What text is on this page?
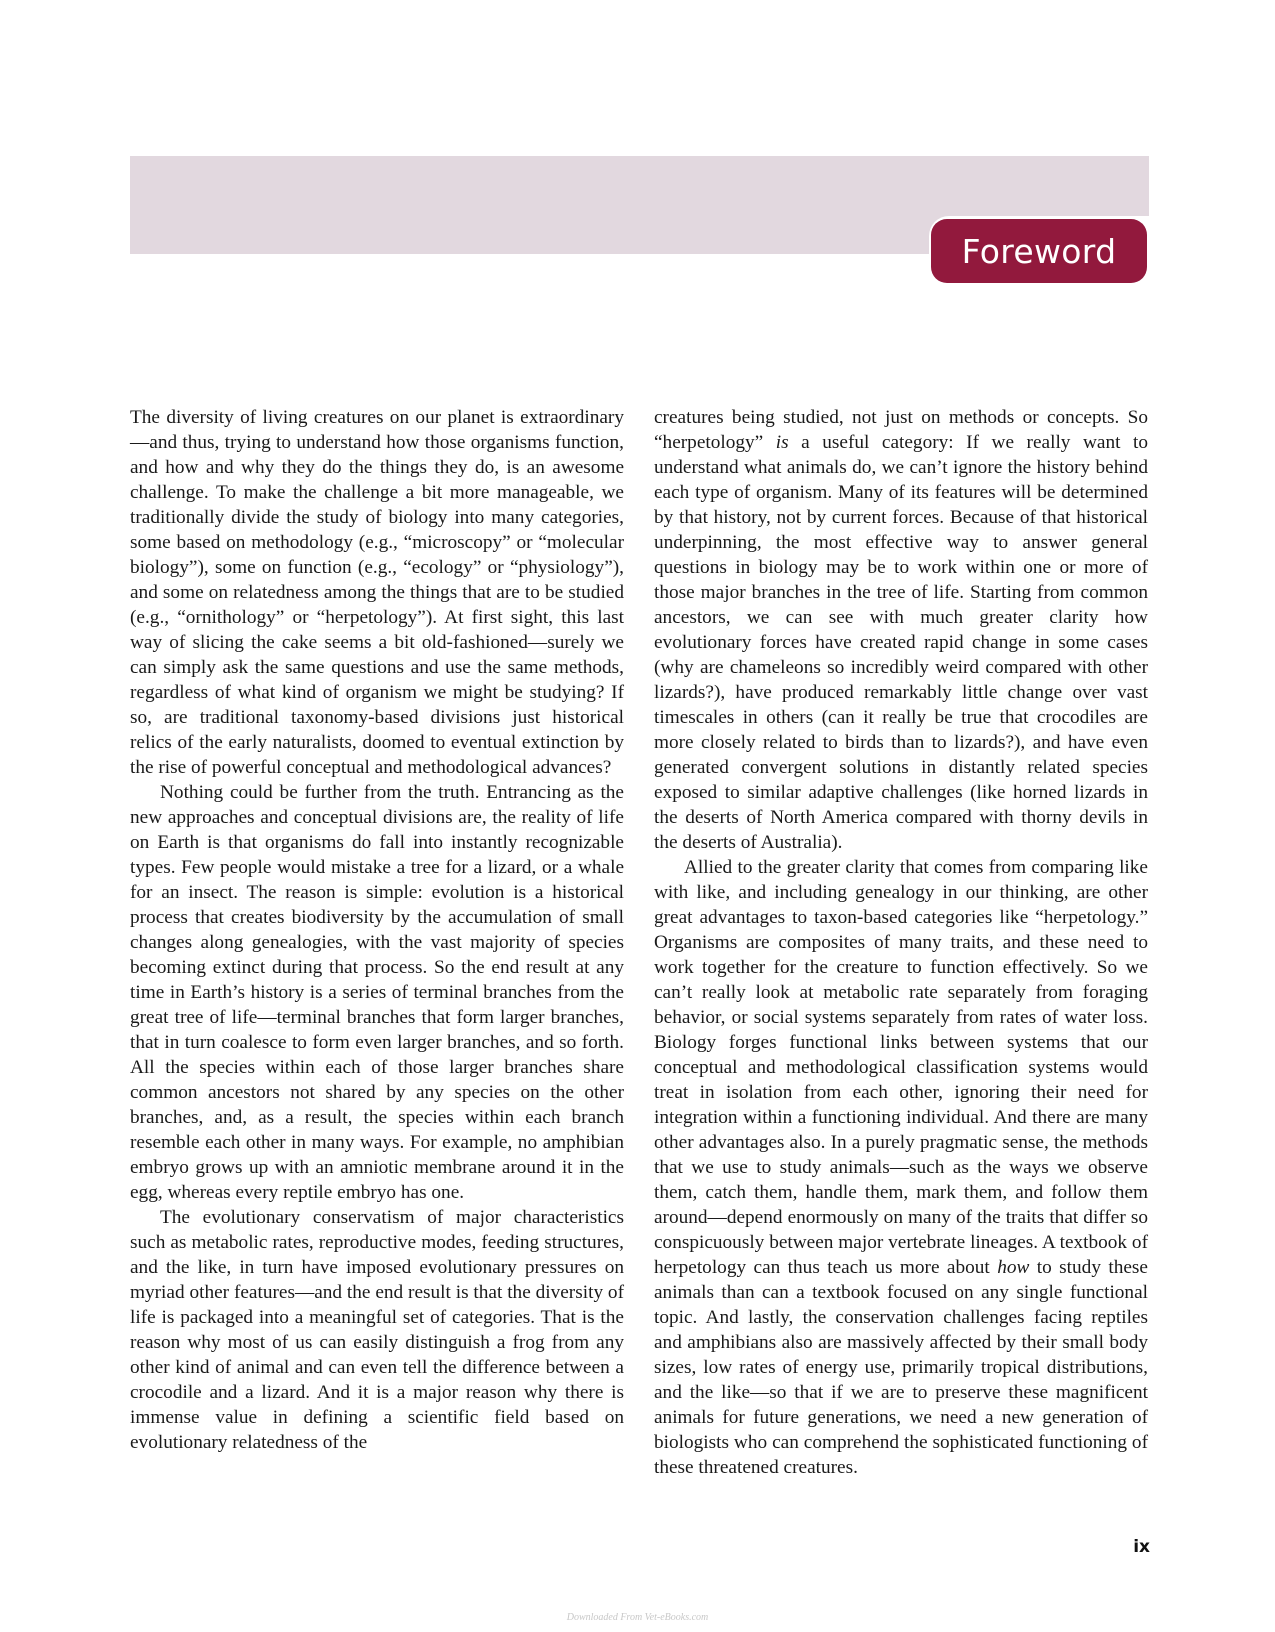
Foreword

The diversity of living creatures on our planet is extraordinary—and thus, trying to understand how those organisms function, and how and why they do the things they do, is an awesome challenge. To make the challenge a bit more manageable, we traditionally divide the study of biology into many categories, some based on methodology (e.g., “microscopy” or “molecular biology”), some on function (e.g., “ecology” or “physiology”), and some on relatedness among the things that are to be studied (e.g., “ornithology” or “herpetology”). At first sight, this last way of slicing the cake seems a bit old-fashioned—surely we can simply ask the same questions and use the same methods, regardless of what kind of organism we might be studying? If so, are traditional taxonomy-based divisions just historical relics of the early naturalists, doomed to eventual extinction by the rise of powerful conceptual and methodological advances?

Nothing could be further from the truth. Entrancing as the new approaches and conceptual divisions are, the reality of life on Earth is that organisms do fall into instantly recognizable types. Few people would mistake a tree for a lizard, or a whale for an insect. The reason is simple: evolution is a historical process that creates biodiversity by the accumulation of small changes along genealogies, with the vast majority of species becoming extinct during that process. So the end result at any time in Earth’s history is a series of terminal branches from the great tree of life—terminal branches that form larger branches, that in turn coalesce to form even larger branches, and so forth. All the species within each of those larger branches share common ancestors not shared by any species on the other branches, and, as a result, the species within each branch resemble each other in many ways. For example, no amphibian embryo grows up with an amniotic membrane around it in the egg, whereas every reptile embryo has one.

The evolutionary conservatism of major characteristics such as metabolic rates, reproductive modes, feeding structures, and the like, in turn have imposed evolutionary pressures on myriad other features—and the end result is that the diversity of life is packaged into a meaningful set of categories. That is the reason why most of us can easily distinguish a frog from any other kind of animal and can even tell the difference between a crocodile and a lizard. And it is a major reason why there is immense value in defining a scientific field based on evolutionary relatedness of the

creatures being studied, not just on methods or concepts. So “herpetology” is a useful category: If we really want to understand what animals do, we can’t ignore the history behind each type of organism. Many of its features will be determined by that history, not by current forces. Because of that historical underpinning, the most effective way to answer general questions in biology may be to work within one or more of those major branches in the tree of life. Starting from common ancestors, we can see with much greater clarity how evolutionary forces have created rapid change in some cases (why are chameleons so incredibly weird compared with other lizards?), have produced remarkably little change over vast timescales in others (can it really be true that crocodiles are more closely related to birds than to lizards?), and have even generated convergent solutions in distantly related species exposed to similar adaptive challenges (like horned lizards in the deserts of North America compared with thorny devils in the deserts of Australia).

Allied to the greater clarity that comes from comparing like with like, and including genealogy in our thinking, are other great advantages to taxon-based categories like “herpetology.” Organisms are composites of many traits, and these need to work together for the creature to function effectively. So we can’t really look at metabolic rate separately from foraging behavior, or social systems separately from rates of water loss. Biology forges functional links between systems that our conceptual and methodological classification systems would treat in isolation from each other, ignoring their need for integration within a functioning individual. And there are many other advantages also. In a purely pragmatic sense, the methods that we use to study animals—such as the ways we observe them, catch them, handle them, mark them, and follow them around—depend enormously on many of the traits that differ so conspicuously between major vertebrate lineages. A textbook of herpetology can thus teach us more about how to study these animals than can a textbook focused on any single functional topic. And lastly, the conservation challenges facing reptiles and amphibians also are massively affected by their small body sizes, low rates of energy use, primarily tropical distributions, and the like—so that if we are to preserve these magnificent animals for future generations, we need a new generation of biologists who can comprehend the sophisticated functioning of these threatened creatures.

ix
Downloaded From Vet-eBooks.com
